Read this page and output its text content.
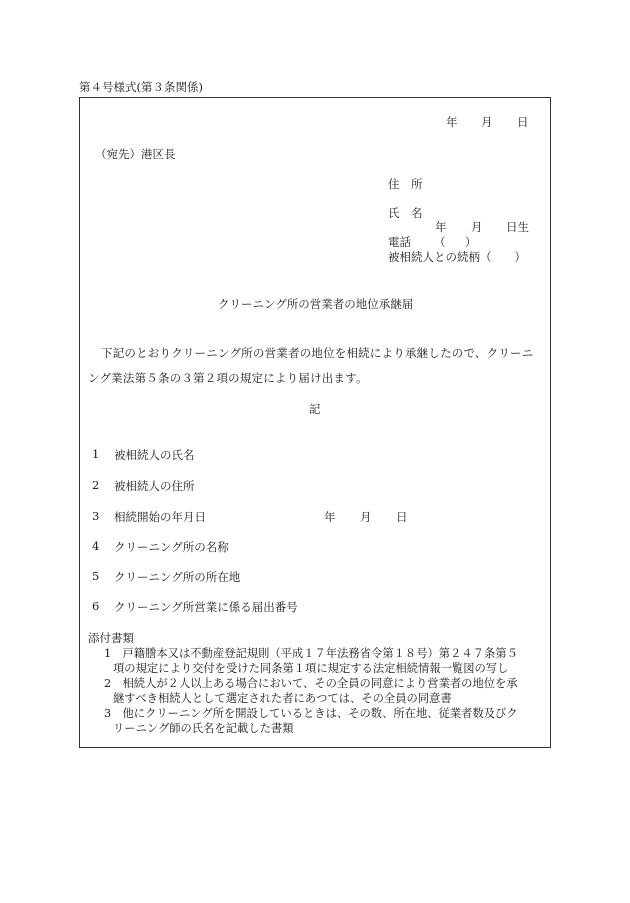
第４号様式(第３条関係)
年 月 日
（宛先）港区長
住　所
氏　名
年 月 日生
電話 （ ）
被相続人との続柄（　　）
クリーニング所の営業者の地位承継届
下記のとおりクリーニング所の営業者の地位を相続により承継したので、クリーニング業法第５条の３第２項の規定により届け出ます。
記
1 被相続人の氏名
2 被相続人の住所
3 相続開始の年月日	年 月 日
4 クリーニング所の名称
5 クリーニング所の所在地
6 クリーニング所営業に係る届出番号
添付書類
1　戸籍謄本又は不動産登記規則（平成１７年法務省令第１８号）第２４７条第５
項の規定により交付を受けた同条第１項に規定する法定相続情報一覧図の写し
2　相続人が２人以上ある場合において、その全員の同意により営業者の地位を承
継すべき相続人として選定された者にあつては、その全員の同意書
3　他にクリーニング所を開設しているときは、その数、所在地、従業者数及びク
リーニング師の氏名を記載した書類
